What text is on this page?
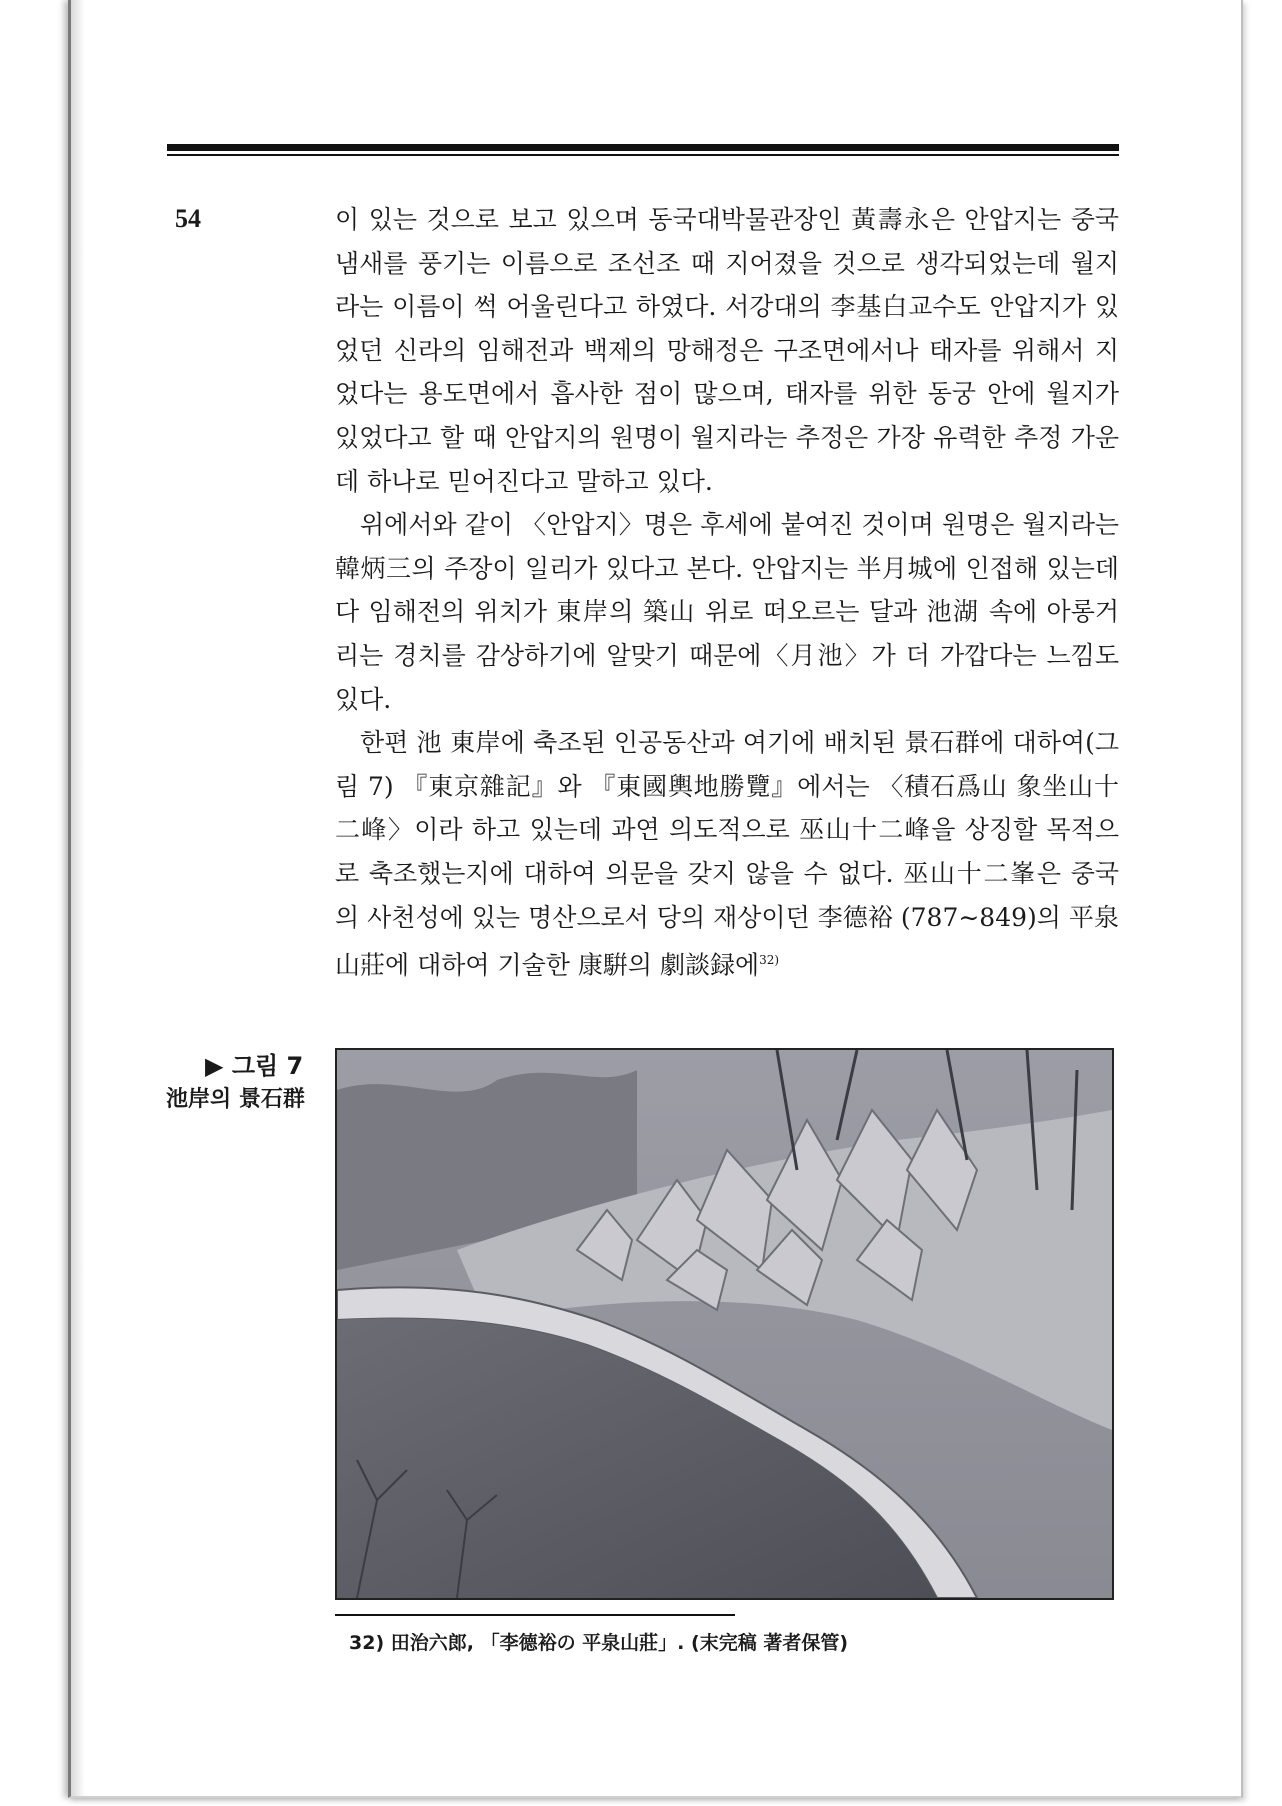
54	이 있는 것으로 보고 있으며 동국대박물관장인 黃壽永은 안압지는 중국 냄새를 풍기는 이름으로 조선조 때 지어졌을 것으로 생각되었는데 월지라는 이름이 썩 어울린다고 하였다. 서강대의 李基白교수도 안압지가 있었던 신라의 임해전과 백제의 망해정은 구조면에서나 태자를 위해서 지었다는 용도면에서 흡사한 점이 많으며, 태자를 위한 동궁 안에 월지가 있었다고 할 때 안압지의 원명이 월지라는 추정은 가장 유력한 추정 가운데 하나로 믿어진다고 말하고 있다.

위에서와 같이 〈안압지〉명은 후세에 붙여진 것이며 원명은 월지라는 韓炳三의 주장이 일리가 있다고 본다. 안압지는 半月城에 인접해 있는데다 임해전의 위치가 東岸의 築山 위로 떠오르는 달과 池湖 속에 아롱거리는 경치를 감상하기에 알맞기 때문에〈月池〉가 더 가깝다는 느낌도 있다.

한편 池 東岸에 축조된 인공동산과 여기에 배치된 景石群에 대하여(그림 7) 『東京雜記』와 『東國輿地勝覽』에서는 〈積石爲山 象坐山十二峰〉이라 하고 있는데 과연 의도적으로 巫山十二峰을 상징할 목적으로 축조했는지에 대하여 의문을 갖지 않을 수 없다. 巫山十二峯은 중국의 사천성에 있는 명산으로서 당의 재상이던 李德裕 (787∼849)의 平泉山莊에 대하여 기술한 康騈의 劇談録에$^{32)}$

▶ 그림 7
池岸의 景石群
32) 田治六郎, 「李德裕の 平泉山莊」. (末完稿 著者保管)
